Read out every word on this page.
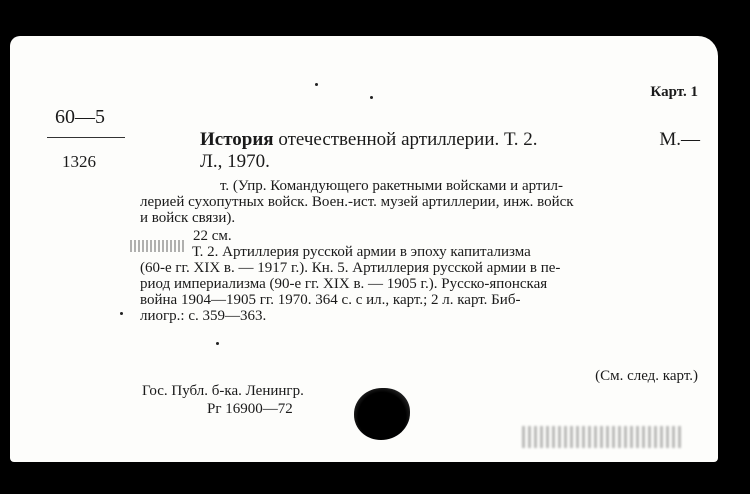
Карт. 1
60—5
1326
История отечественной артиллерии. Т. 2.	М.—
Л., 1970.
т. (Упр. Командующего ракетными войсками и артил-
лерией сухопутных войск. Воен.-ист. музей артиллерии, инж. войск
и войск связи).
22 см.
Т. 2. Артиллерия русской армии в эпоху капитализма
(60-е гг. XIX в. — 1917 г.). Кн. 5. Артиллерия русской армии в пе-
риод империализма (90-е гг. XIX в. — 1905 г.). Русско-японская
война 1904—1905 гг. 1970. 364 с. с ил., карт.; 2 л. карт. Биб-
лиогр.: с. 359—363.
(См. след. карт.)
Гос. Публ. б-ка. Ленингр.
Рг 16900—72
